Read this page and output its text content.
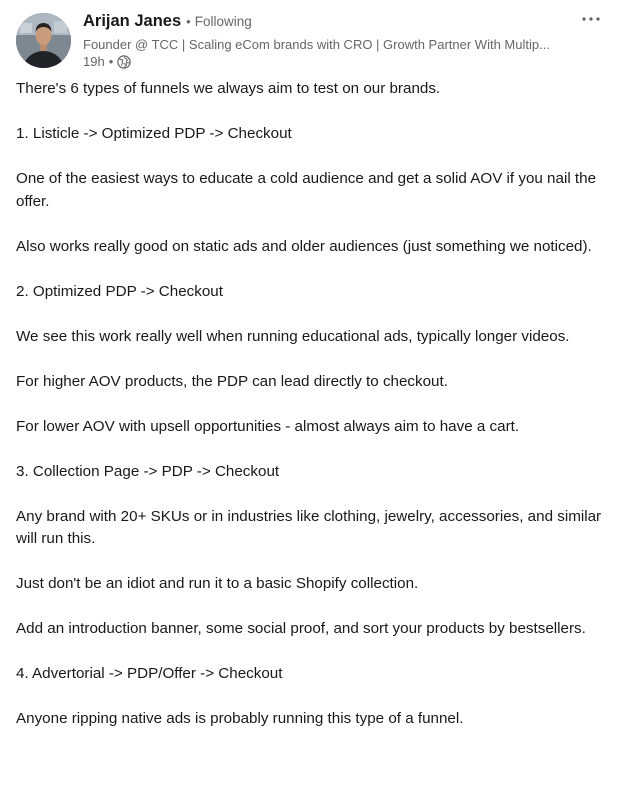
Arijan Janes • Following
Founder @ TCC | Scaling eCom brands with CRO | Growth Partner With Multip...
19h •

There's 6 types of funnels we always aim to test on our brands.

1. Listicle -> Optimized PDP -> Checkout

One of the easiest ways to educate a cold audience and get a solid AOV if you nail the offer.

Also works really good on static ads and older audiences (just something we noticed).

2. Optimized PDP -> Checkout

We see this work really well when running educational ads, typically longer videos.

For higher AOV products, the PDP can lead directly to checkout.

For lower AOV with upsell opportunities - almost always aim to have a cart.

3. Collection Page -> PDP -> Checkout

Any brand with 20+ SKUs or in industries like clothing, jewelry, accessories, and similar will run this.

Just don't be an idiot and run it to a basic Shopify collection.

Add an introduction banner, some social proof, and sort your products by bestsellers.

4. Advertorial -> PDP/Offer -> Checkout

Anyone ripping native ads is probably running this type of a funnel.
